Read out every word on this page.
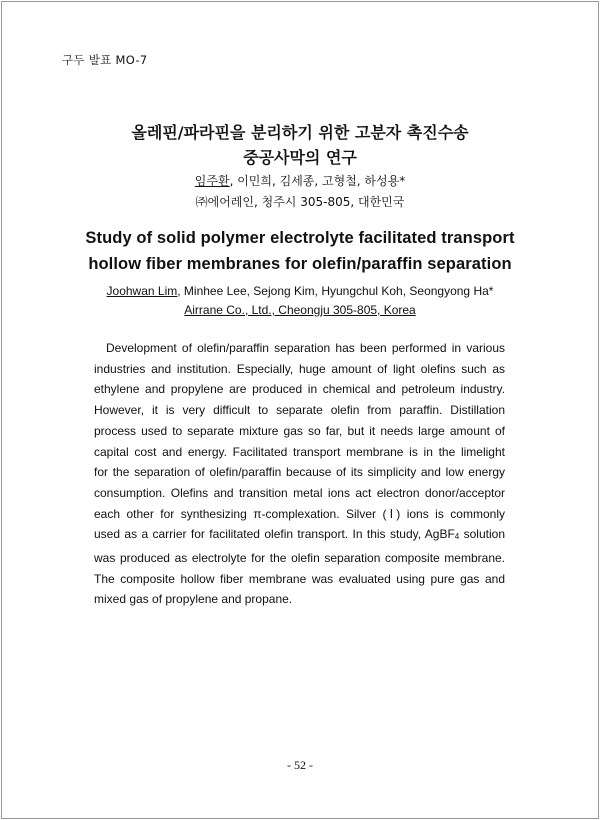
구두 발표 MO-7
올레핀/파라핀을 분리하기 위한 고분자 촉진수송
중공사막의 연구
임주환, 이민희, 김세종, 고형철, 하성용*
㈜에어레인, 청주시 305-805, 대한민국
Study of solid polymer electrolyte facilitated transport
hollow fiber membranes for olefin/paraffin separation
Joohwan Lim, Minhee Lee, Sejong Kim, Hyungchul Koh, Seongyong Ha*
Airrane Co., Ltd., Cheongju 305-805, Korea
Development of olefin/paraffin separation has been performed in various
industries and institution. Especially, huge amount of light olefins such as
ethylene and propylene are produced in chemical and petroleum industry.
However, it is very difficult to separate olefin from paraffin. Distillation
process used to separate mixture gas so far, but it needs large amount of
capital cost and energy. Facilitated transport membrane is in the limelight
for the separation of olefin/paraffin because of its simplicity and low energy
consumption. Olefins and transition metal ions act electron donor/acceptor
each other for synthesizing π-complexation. Silver (Ⅰ) ions is commonly
used as a carrier for facilitated olefin transport. In this study, AgBF$_4$ solution
was produced as electrolyte for the olefin separation composite membrane.
The composite hollow fiber membrane was evaluated using pure gas and
mixed gas of propylene and propane.
- 52 -
